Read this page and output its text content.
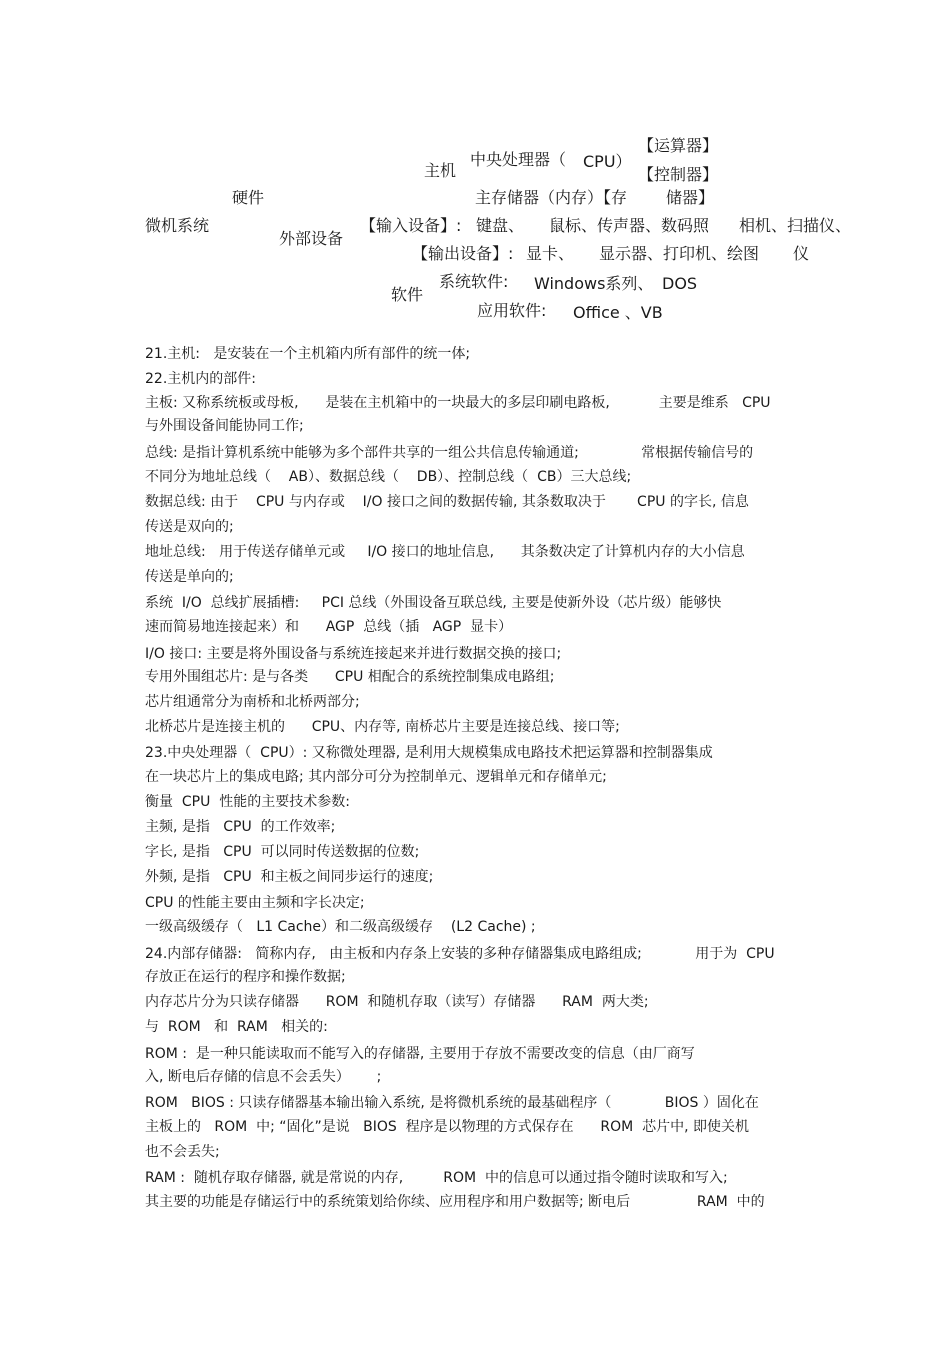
微机系统
硬件
主机
中央处理器（ CPU）
【运算器】
【控制器】
主存储器（内存）【存 储器】
外部设备
【输入设备】: 键盘、 鼠标、传声器、数码照 相机、扫描仪、
【输出设备】: 显卡、 显示器、打印机、绘图 仪
软件
系统软件: Windows系列、 DOS
应用软件: Office 、VB
21.主机:   是安装在一个主机箱内所有部件的统一体;
22.主机内的部件:
主板: 又称系统板或母板,      是装在主机箱中的一块最大的多层印刷电路板,           主要是维系   CPU
与外围设备间能协同工作;
总线: 是指计算机系统中能够为多个部件共享的一组公共信息传输通道;              常根据传输信号的
不同分为地址总线（    AB）、数据总线（    DB）、控制总线（  CB）三大总线;
数据总线: 由于    CPU 与内存或    I/O 接口之间的数据传输, 其条数取决于       CPU 的字长, 信息
传送是双向的;
地址总线:   用于传送存储单元或     I/O 接口的地址信息,      其条数决定了计算机内存的大小信息
传送是单向的;
系统  I/O  总线扩展插槽:     PCI 总线（外围设备互联总线, 主要是使新外设（芯片级）能够快
速而简易地连接起来）和      AGP  总线（插   AGP  显卡）
I/O 接口: 主要是将外围设备与系统连接起来并进行数据交换的接口;
专用外围组芯片: 是与各类      CPU 相配合的系统控制集成电路组;
芯片组通常分为南桥和北桥两部分;
北桥芯片是连接主机的      CPU、内存等, 南桥芯片主要是连接总线、接口等;
23.中央处理器（  CPU）: 又称微处理器, 是利用大规模集成电路技术把运算器和控制器集成
在一块芯片上的集成电路; 其内部分可分为控制单元、逻辑单元和存储单元;
衡量  CPU  性能的主要技术参数:
主频, 是指   CPU  的工作效率;
字长, 是指   CPU  可以同时传送数据的位数;
外频, 是指   CPU  和主板之间同步运行的速度;
CPU 的性能主要由主频和字长决定;
一级高级缓存（   L1 Cache）和二级高级缓存    (L2 Cache) ;
24.内部存储器:   简称内存,   由主板和内存条上安装的多种存储器集成电路组成;            用于为  CPU
存放正在运行的程序和操作数据;
内存芯片分为只读存储器      ROM  和随机存取（读写）存储器      RAM  两大类;
与  ROM   和  RAM   相关的:
ROM :  是一种只能读取而不能写入的存储器, 主要用于存放不需要改变的信息（由厂商写
入, 断电后存储的信息不会丢失）      ;
ROM   BIOS : 只读存储器基本输出输入系统, 是将微机系统的最基础程序（            BIOS ）固化在
主板上的   ROM  中; “固化”是说   BIOS  程序是以物理的方式保存在      ROM  芯片中, 即使关机
也不会丢失;
RAM :  随机存取存储器, 就是常说的内存,         ROM  中的信息可以通过指令随时读取和写入;
其主要的功能是存储运行中的系统策划给你续、应用程序和用户数据等; 断电后               RAM  中的
